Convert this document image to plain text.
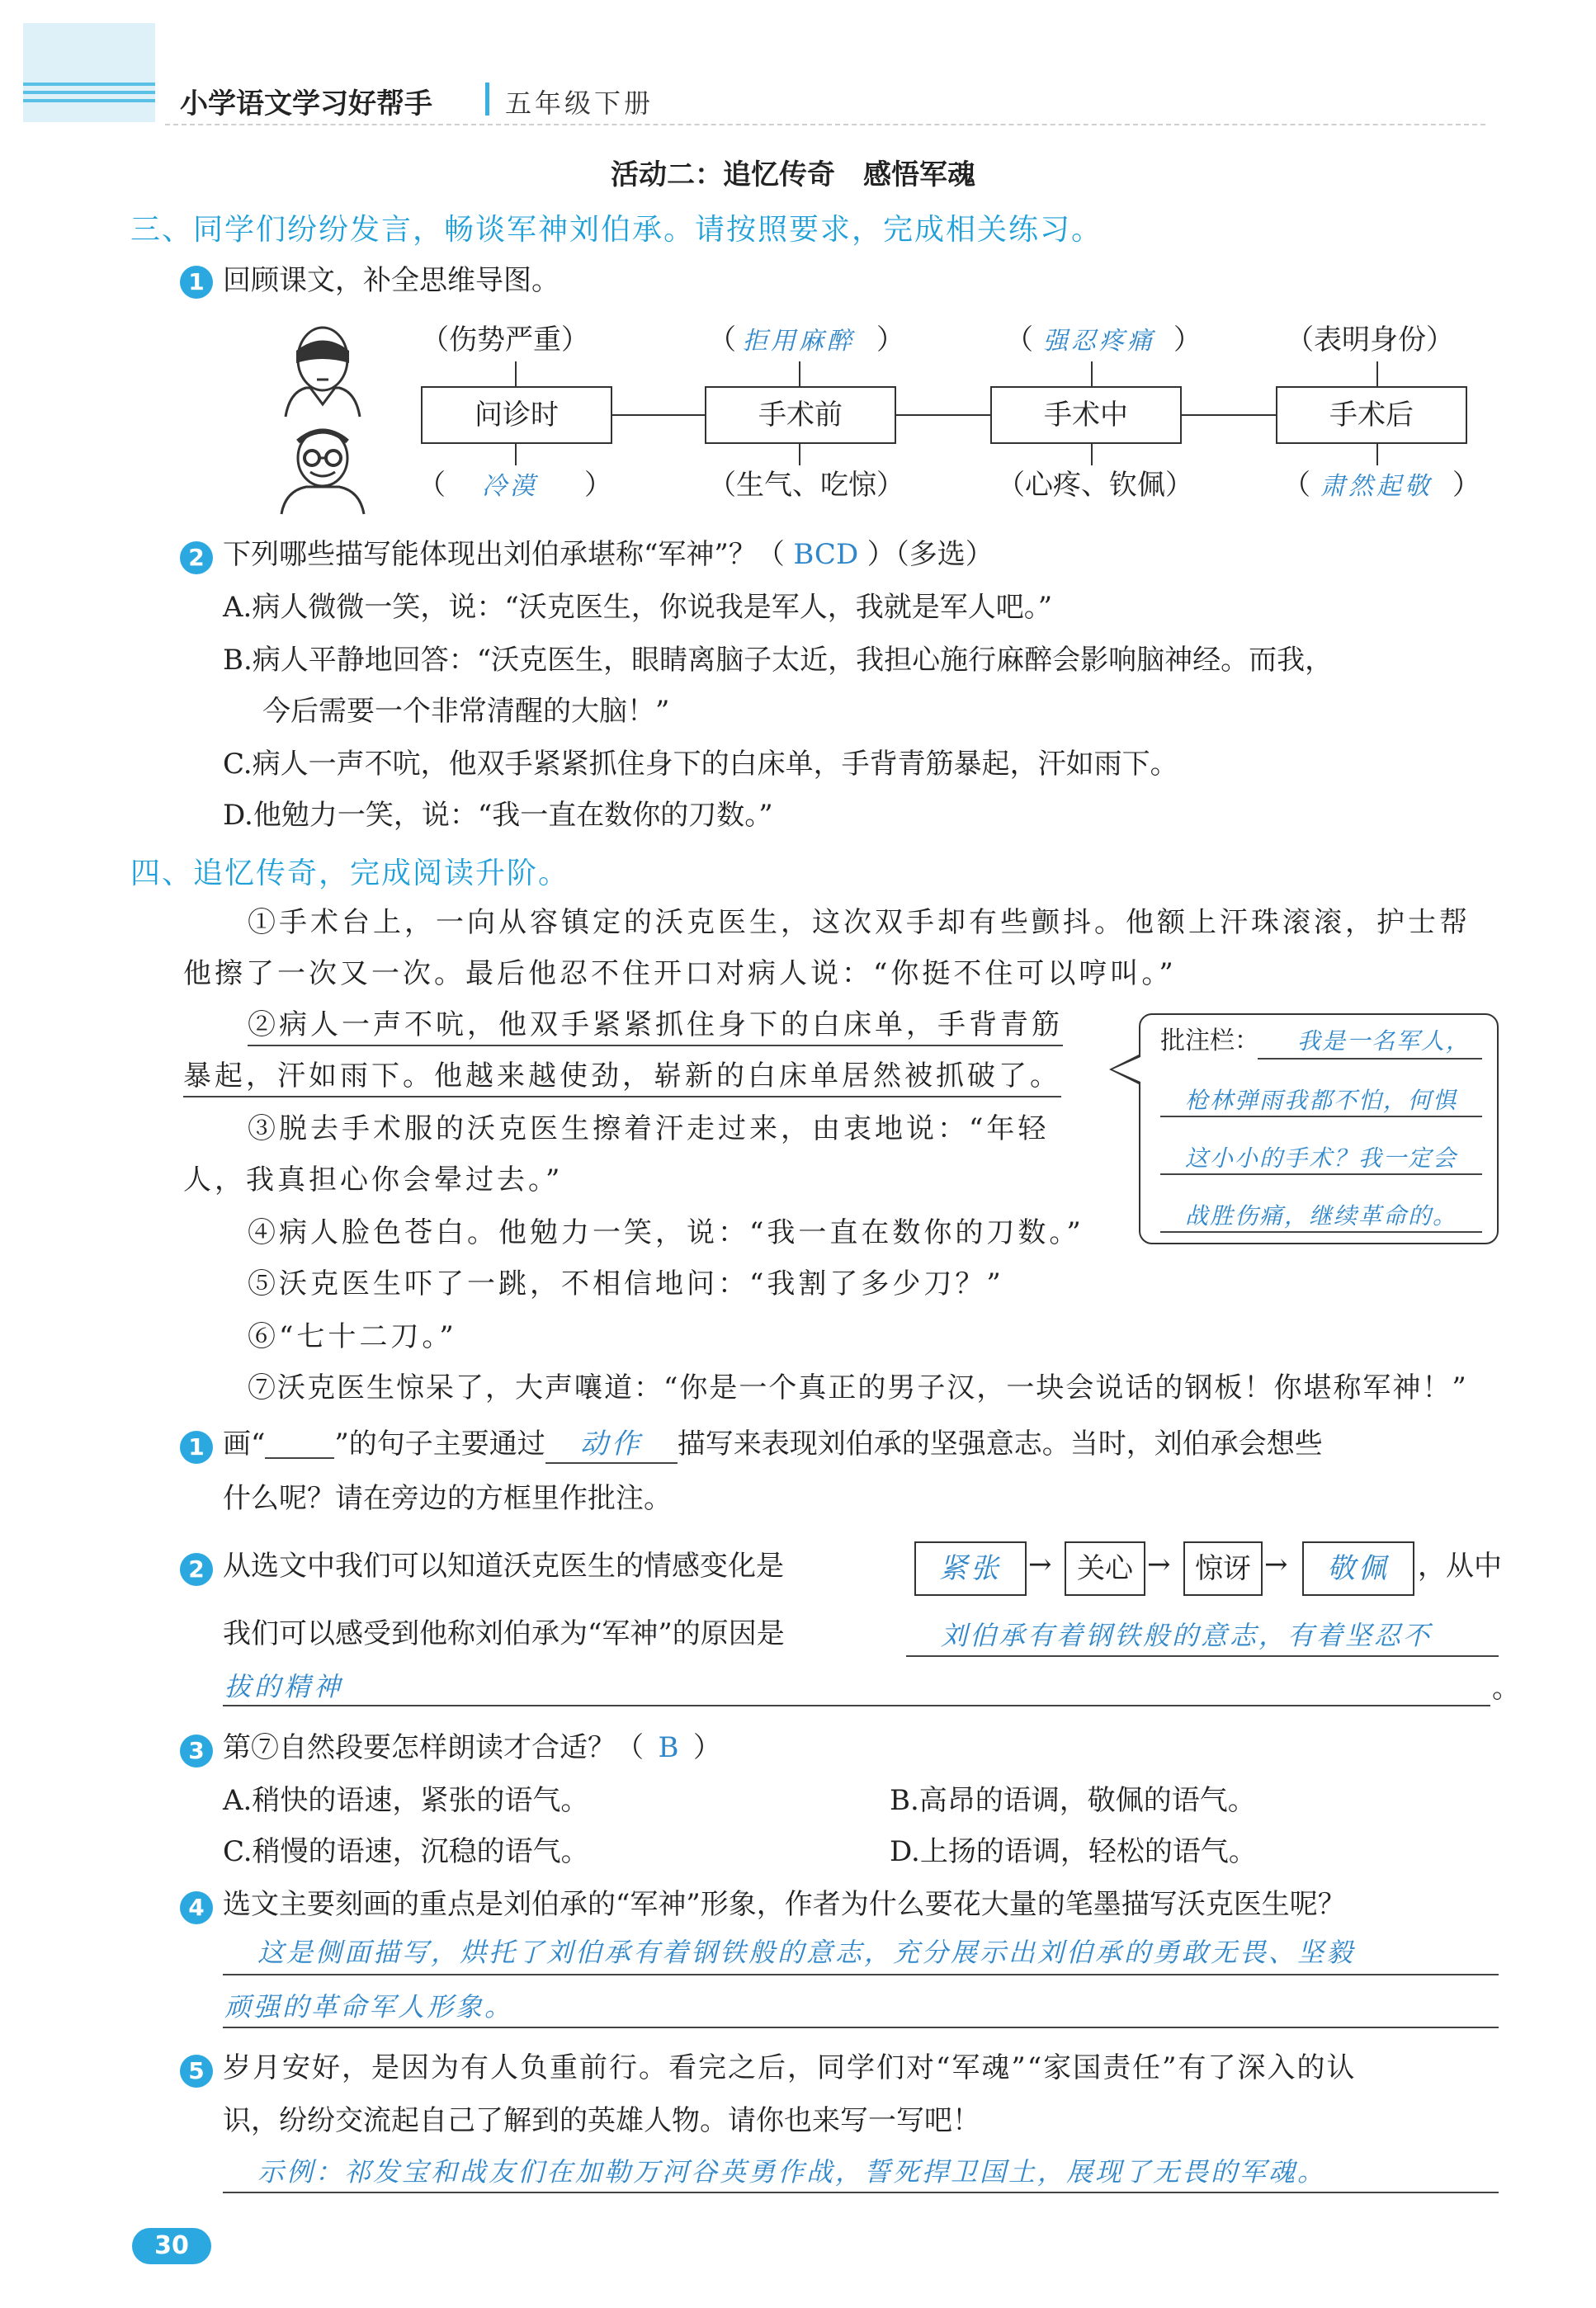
小学语文学习好帮手	五年级下册
活动二：追忆传奇　感悟军魂
三、同学们纷纷发言，畅谈军神刘伯承。请按照要求，完成相关练习。
1 回顾课文，补全思维导图。
（伤势严重）	（ 拒用麻醉 ）	（ 强忍疼痛 ）	（表明身份）
问诊时	手术前	手术中	手术后
（ 冷漠 ）	（生气、吃惊）	（心疼、钦佩）	（ 肃然起敬 ）
2 下列哪些描写能体现出刘伯承堪称“军神”？（ BCD ）（多选）
A.病人微微一笑，说：“沃克医生，你说我是军人，我就是军人吧。”
B.病人平静地回答：“沃克医生，眼睛离脑子太近，我担心施行麻醉会影响脑神经。而我，
今后需要一个非常清醒的大脑！”
C.病人一声不吭，他双手紧紧抓住身下的白床单，手背青筋暴起，汗如雨下。
D.他勉力一笑，说：“我一直在数你的刀数。”
四、追忆传奇，完成阅读升阶。
①手术台上，一向从容镇定的沃克医生，这次双手却有些颤抖。他额上汗珠滚滚，护士帮
他擦了一次又一次。最后他忍不住开口对病人说：“你挺不住可以哼叫。”
②病人一声不吭，他双手紧紧抓住身下的白床单，手背青筋
暴起，汗如雨下。他越来越使劲，崭新的白床单居然被抓破了。
③脱去手术服的沃克医生擦着汗走过来，由衷地说：“年轻
人，我真担心你会晕过去。”
④病人脸色苍白。他勉力一笑，说：“我一直在数你的刀数。”
⑤沃克医生吓了一跳，不相信地问：“我割了多少刀？”
⑥“七十二刀。”
⑦沃克医生惊呆了，大声嚷道：“你是一个真正的男子汉，一块会说话的钢板！你堪称军神！”
批注栏： 我是一名军人，
枪林弹雨我都不怕，何惧
这小小的手术？我一定会
战胜伤痛，继续革命的。
1 画“ ”的句子主要通过 动作 描写来表现刘伯承的坚强意志。当时，刘伯承会想些
什么呢？请在旁边的方框里作批注。
2 从选文中我们可以知道沃克医生的情感变化是	紧张 → 关心 → 惊讶 →	敬佩	，从中
我们可以感受到他称刘伯承为“军神”的原因是	刘伯承有着钢铁般的意志，有着坚忍不
拔的精神	。
3 第⑦自然段要怎样朗读才合适？（ B ）
A.稍快的语速，紧张的语气。	B.高昂的语调，敬佩的语气。
C.稍慢的语速，沉稳的语气。	D.上扬的语调，轻松的语气。
4 选文主要刻画的重点是刘伯承的“军神”形象，作者为什么要花大量的笔墨描写沃克医生呢？
这是侧面描写，烘托了刘伯承有着钢铁般的意志，充分展示出刘伯承的勇敢无畏、坚毅
顽强的革命军人形象。
5 岁月安好，是因为有人负重前行。看完之后，同学们对“军魂”“家国责任”有了深入的认
识，纷纷交流起自己了解到的英雄人物。请你也来写一写吧！
示例：祁发宝和战友们在加勒万河谷英勇作战，誓死捍卫国土，展现了无畏的军魂。
30
